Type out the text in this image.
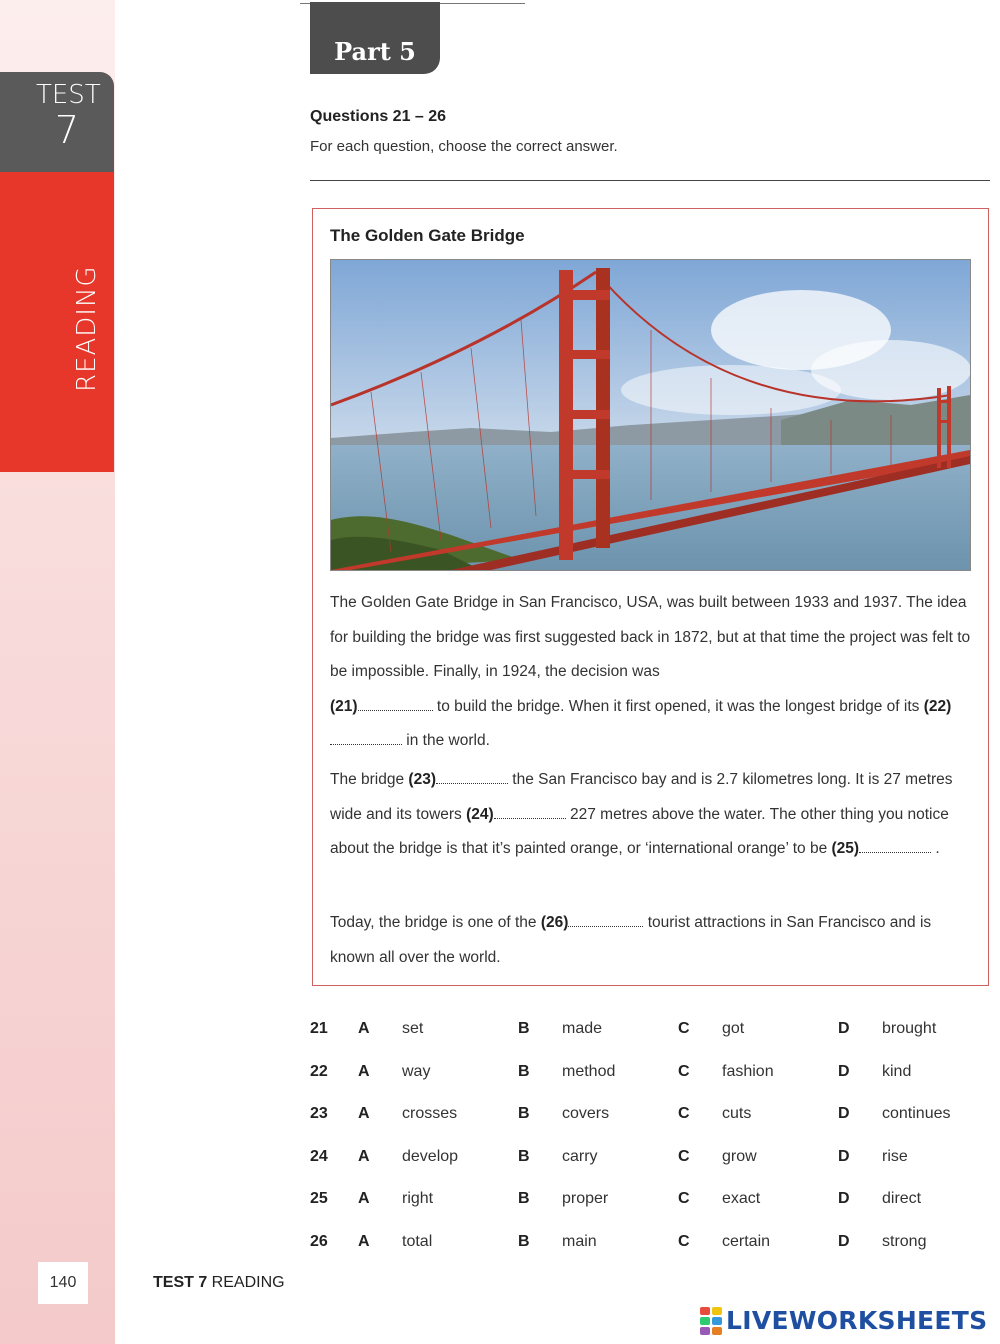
TEST
7
READING
140
Part 5
Questions 21 – 26
For each question, choose the correct answer.
The Golden Gate Bridge
The Golden Gate Bridge in San Francisco, USA, was built between 1933 and 1937. The idea for building the bridge was first suggested back in 1872, but at that time the project was felt to be impossible. Finally, in 1924, the decision was
(21)	to build the bridge. When it first opened, it was the longest bridge of its (22) in the world.
The bridge (23)	the San Francisco bay and is 2.7 kilometres long. It is 27 metres wide and its towers (24)	227 metres above the water. The other thing you notice about the bridge is that it’s painted orange, or ‘international orange’ to be (25)	.
Today, the bridge is one of the (26)	tourist attractions in San Francisco and is known all over the world.
21	A	set	B	made	C	got	D	brought
22	A	way	B	method	C	fashion	D	kind
23	A	crosses	B	covers	C	cuts	D	continues
24	A	develop	B	carry	C	grow	D	rise
25	A	right	B	proper	C	exact	D	direct
26	A	total	B	main	C	certain	D	strong
TEST 7 READING
LIVEWORKSHEETS
